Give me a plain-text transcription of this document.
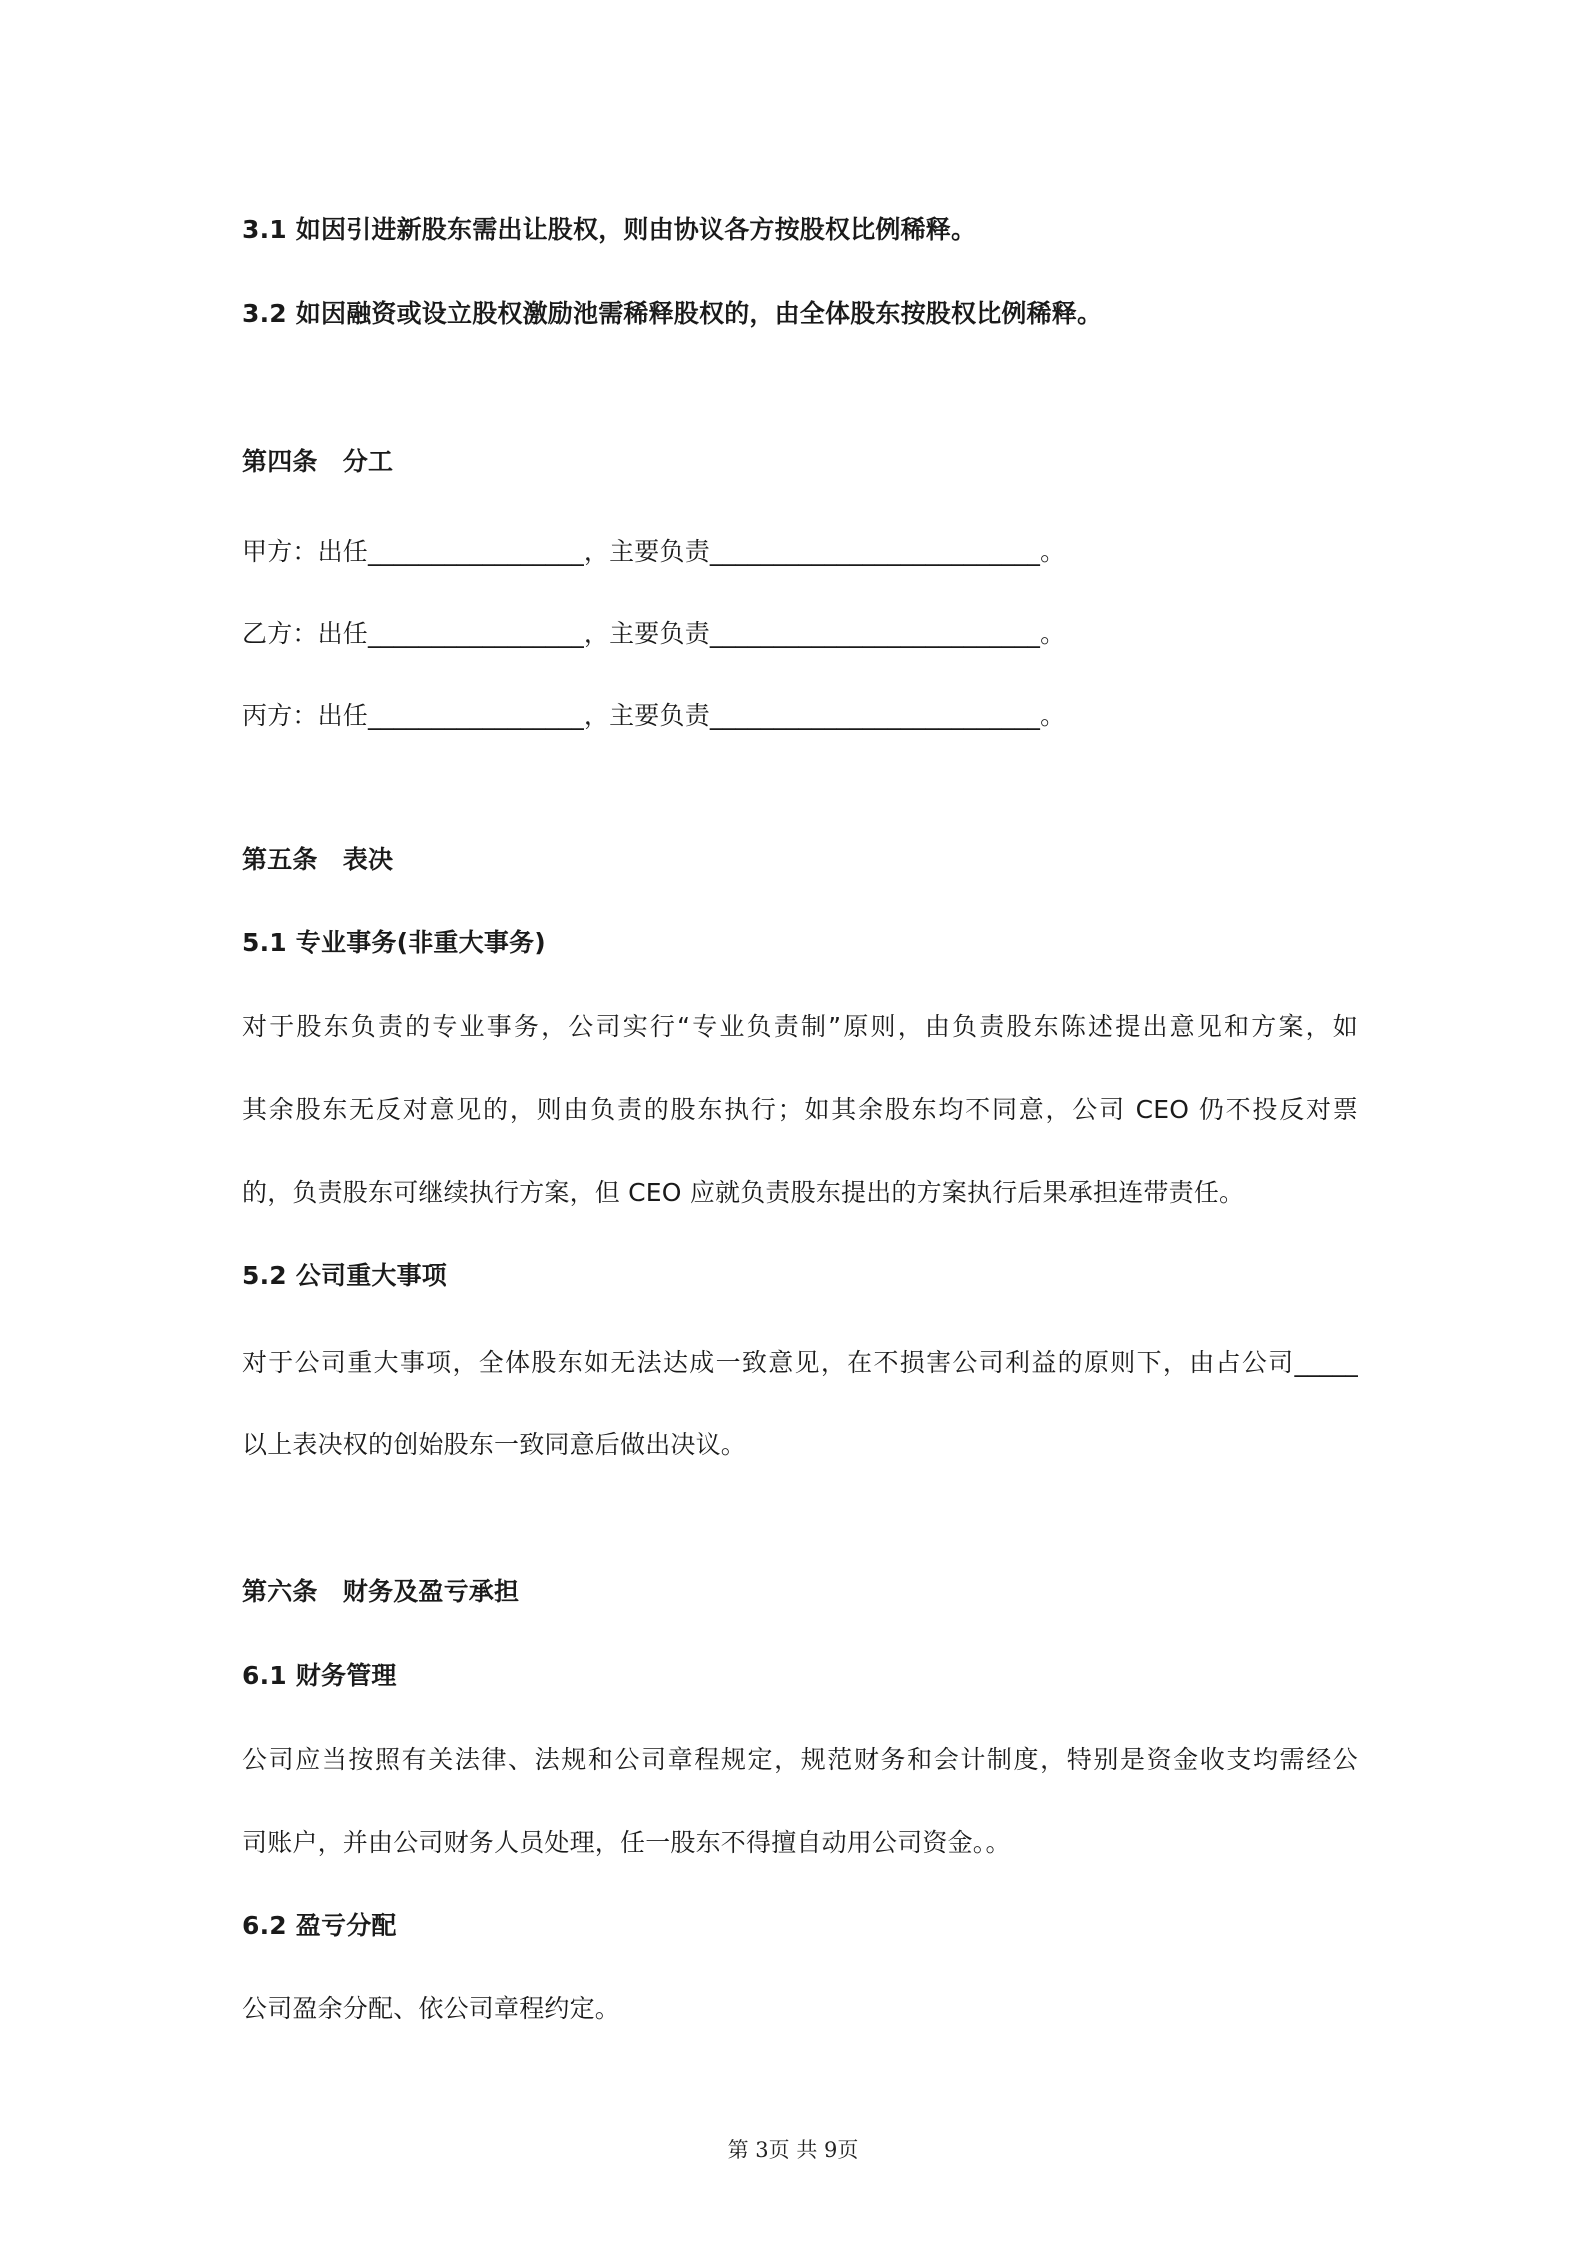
3.1 如因引进新股东需出让股权，则由协议各方按股权比例稀释。
3.2 如因融资或设立股权激励池需稀释股权的，由全体股东按股权比例稀释。
第四条　分工
甲方：出任_________________，主要负责__________________________。
乙方：出任_________________，主要负责__________________________。
丙方：出任_________________，主要负责__________________________。
第五条　表决
5.1 专业事务(非重大事务)
对于股东负责的专业事务，公司实行“专业负责制”原则，由负责股东陈述提出意见和方案，如
其余股东无反对意见的，则由负责的股东执行；如其余股东均不同意，公司 CEO 仍不投反对票
的，负责股东可继续执行方案，但 CEO 应就负责股东提出的方案执行后果承担连带责任。
5.2 公司重大事项
对于公司重大事项，全体股东如无法达成一致意见，在不损害公司利益的原则下，由占公司_____
以上表决权的创始股东一致同意后做出决议。
第六条　财务及盈亏承担
6.1 财务管理
公司应当按照有关法律、法规和公司章程规定，规范财务和会计制度，特别是资金收支均需经公
司账户，并由公司财务人员处理，任一股东不得擅自动用公司资金。。
6.2 盈亏分配
公司盈余分配、依公司章程约定。
第 3页 共 9页
